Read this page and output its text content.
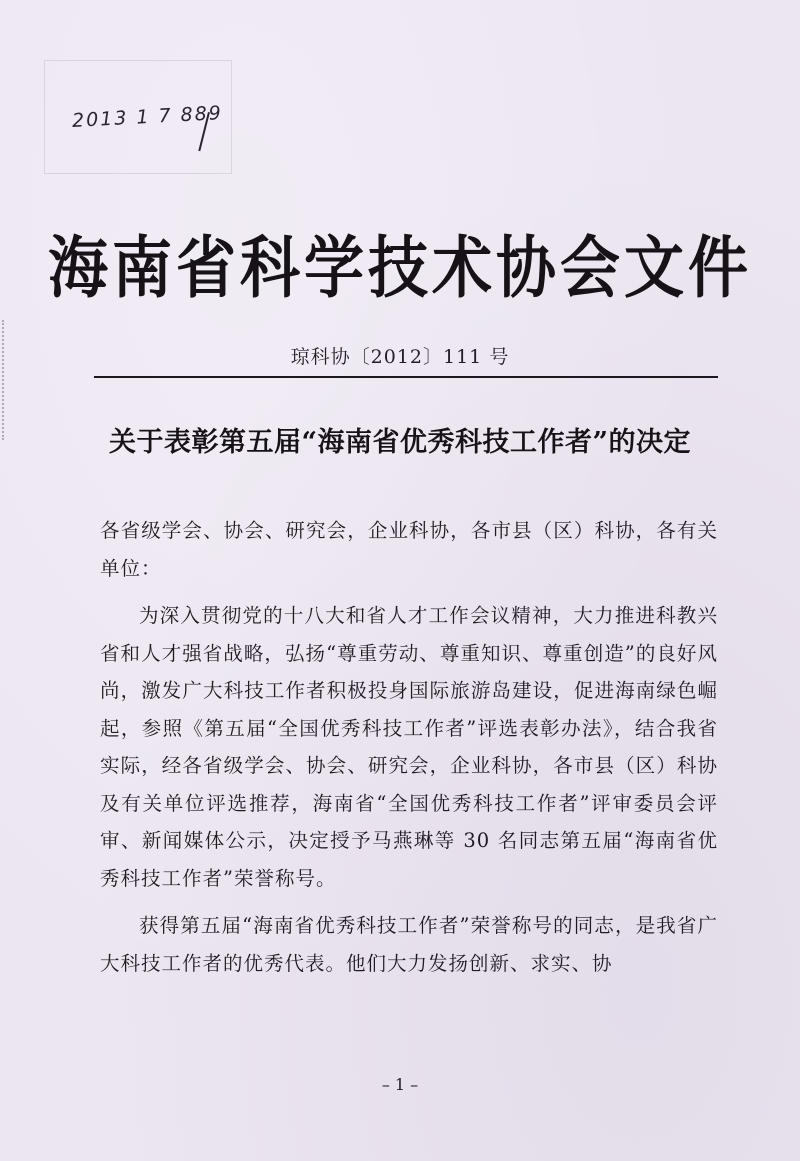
2013 1 7 889
海南省科学技术协会文件
琼科协〔2012〕111 号
关于表彰第五届“海南省优秀科技工作者”的决定

各省级学会、协会、研究会，企业科协，各市县（区）科协，各有关单位：

为深入贯彻党的十八大和省人才工作会议精神，大力推进科教兴省和人才强省战略，弘扬“尊重劳动、尊重知识、尊重创造”的良好风尚，激发广大科技工作者积极投身国际旅游岛建设，促进海南绿色崛起，参照《第五届“全国优秀科技工作者”评选表彰办法》，结合我省实际，经各省级学会、协会、研究会，企业科协，各市县（区）科协及有关单位评选推荐，海南省“全国优秀科技工作者”评审委员会评审、新闻媒体公示，决定授予马燕琳等 30 名同志第五届“海南省优秀科技工作者”荣誉称号。

获得第五届“海南省优秀科技工作者”荣誉称号的同志，是我省广大科技工作者的优秀代表。他们大力发扬创新、求实、协

– 1 –
